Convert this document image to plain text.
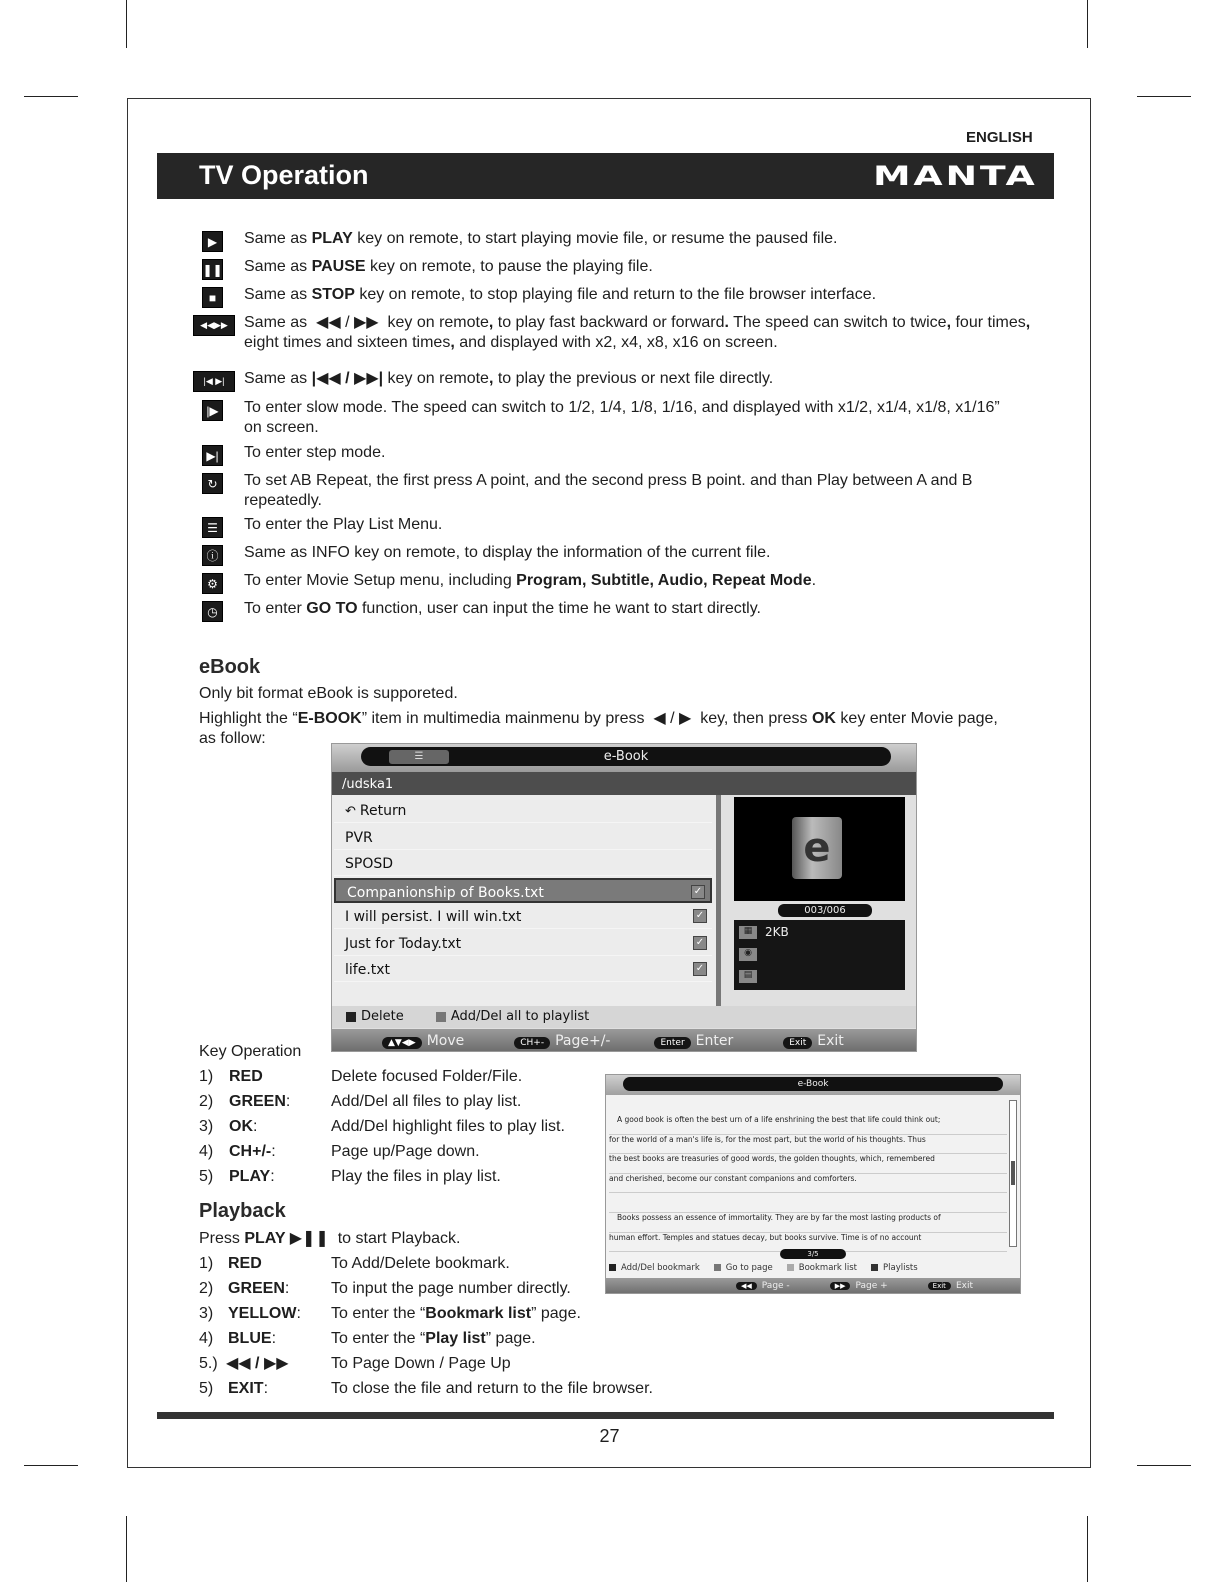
ENGLISH
TV Operation	MANTA
▶	Same as PLAY key on remote, to start playing movie file, or resume the paused file.
❚❚ Same as PAUSE key on remote, to pause the playing file.
■	Same as STOP key on remote, to stop playing file and return to the file browser interface.
◀◀▶▶	Same as  ◀◀ / ▶▶  key on remote, to play fast backward or forward. The speed can switch to twice, four times,
eight times and sixteen times, and displayed with x2, x4, x8, x16 on screen.
|◀ ▶|	Same as |◀◀ / ▶▶| key on remote, to play the previous or next file directly.
|▶ To enter slow mode. The speed can switch to 1/2, 1/4, 1/8, 1/16, and displayed with x1/2, x1/4, x1/8, x1/16”
on screen.
▶| To enter step mode.
↻	To set AB Repeat, the first press A point, and the second press B point. and than Play between A and B
repeatedly.
☰	To enter the Play List Menu.
ⓘ Same as INFO key on remote, to display the information of the current file.
⚙	To enter Movie Setup menu, including Program, Subtitle, Audio, Repeat Mode.
◷	To enter GO TO function, user can input the time he want to start directly.
eBook
Only bit format eBook is supporeted.
Highlight the “E-BOOK” item in multimedia mainmenu by press  ◀ / ▶  key, then press OK key enter Movie page,
as follow:
☰	e-Book
/udska1
↶ Return
PVR
SPOSD
Companionship of Books.txt	✓
I will persist. I will win.txt	✓
Just for Today.txt	✓
life.txt	✓
e
003/006
▦	2KB
◉
▤
Delete	Add/Del all to playlist
▲▼◀▶ Move	CH+- Page+/-	Enter Enter	Exit Exit
Key Operation
1) RED	Delete focused Folder/File.
2) GREEN:	Add/Del all files to play list.
3) OK:	Add/Del highlight files to play list.
4) CH+/-:	Page up/Page down.
5) PLAY:	Play the files in play list.
e-Book
A good book is often the best urn of a life enshrining the best that life could think out;
for the world of a man's life is, for the most part, but the world of his thoughts. Thus
the best books are treasuries of good words, the golden thoughts, which, remembered
and cherished, become our constant companions and comforters.
Books possess an essence of immortality. They are by far the most lasting products of
human effort. Temples and statues decay, but books survive. Time is of no account
3/5
Add/Del bookmark	Go to page	Bookmark list	Playlists
◀◀ Page -	▶▶ Page +	Exit Exit
Playback
Press PLAY ▶❚❚  to start Playback.
1) RED	To Add/Delete bookmark.
2) GREEN:	To input the page number directly.
3) YELLOW: To enter the “Bookmark list” page.
4) BLUE:	To enter the “Play list” page.
5.) ◀◀ / ▶▶	To Page Down / Page Up
5) EXIT:	To close the file and return to the file browser.
27
